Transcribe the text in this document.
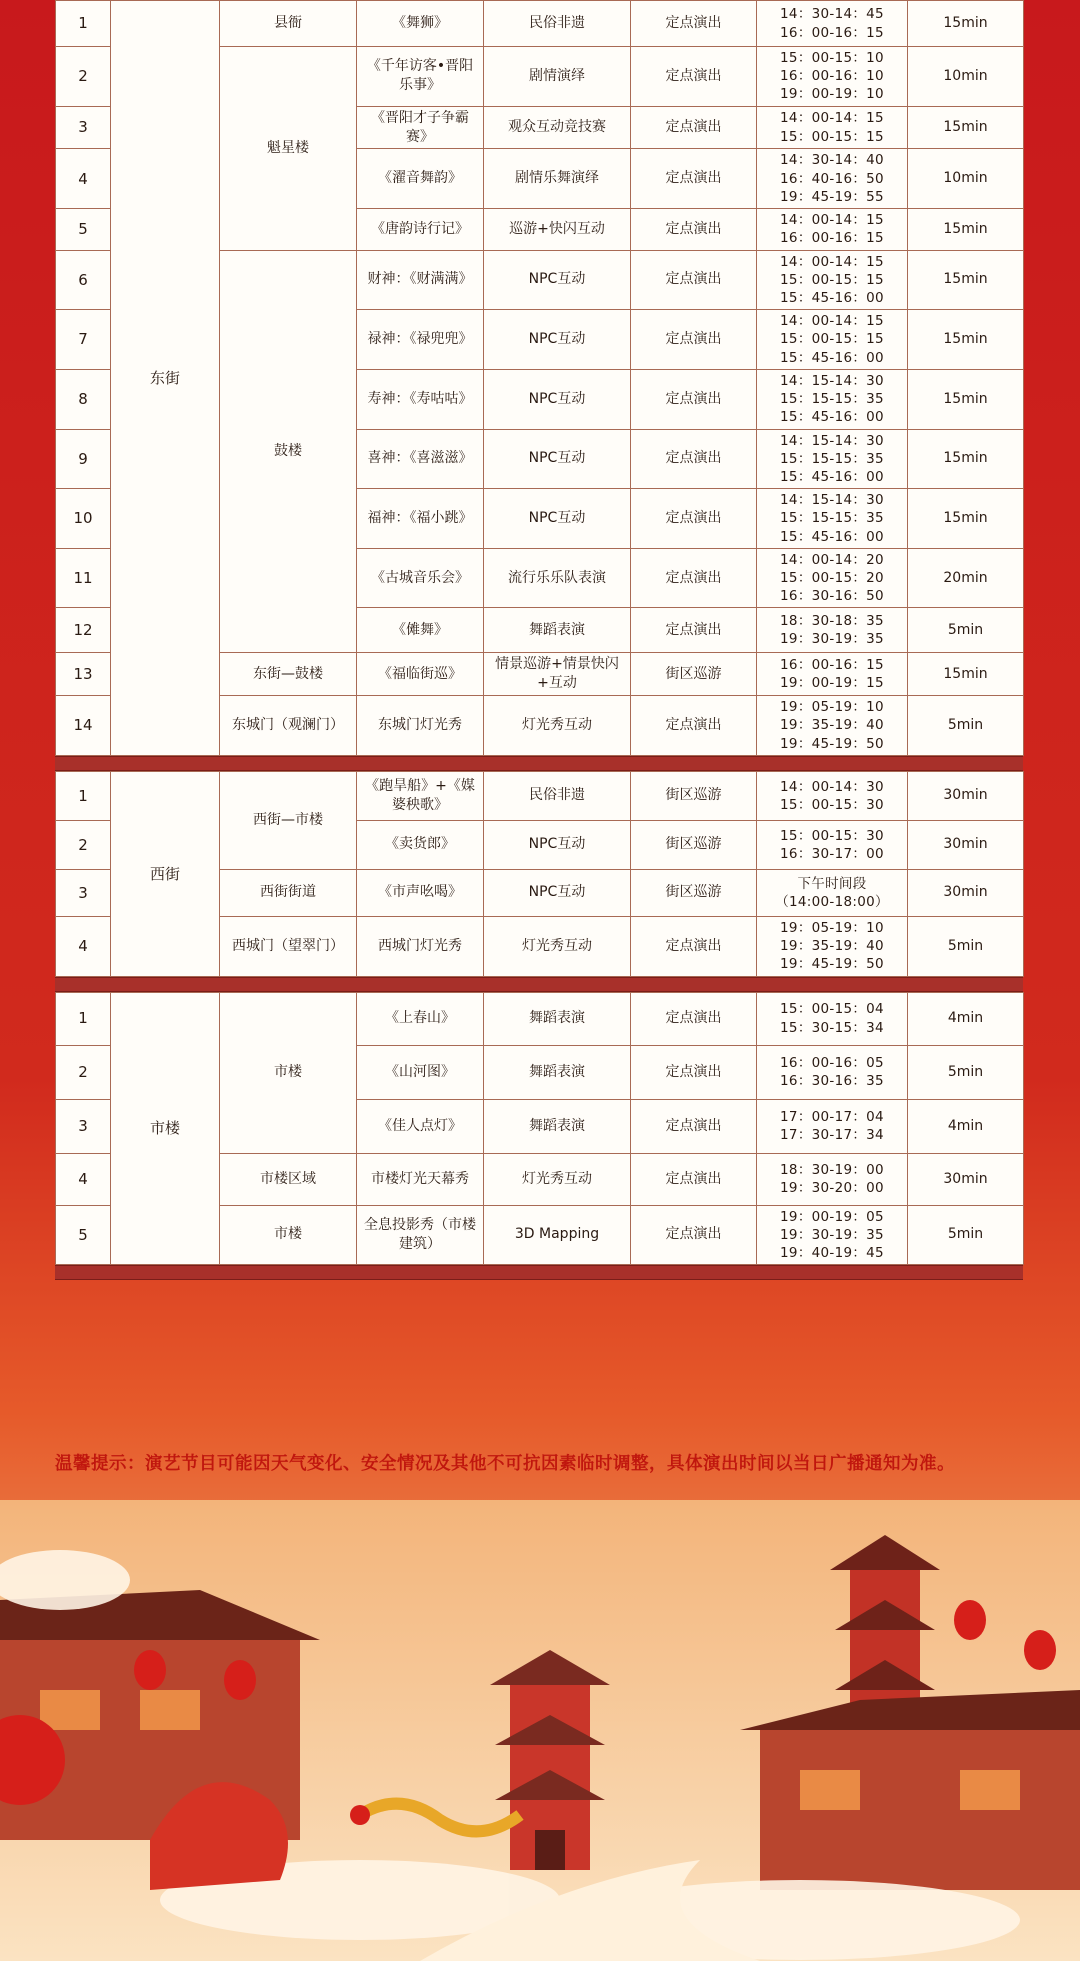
1	东街	县衙	《舞狮》	民俗非遗	定点演出	14：30-14：45
16：00-16：15	15min
2		魁星楼	《千年访客•晋阳乐事》	剧情演绎	定点演出	15：00-15：10
16：00-16：10
19：00-19：10	10min
3			《晋阳才子争霸赛》	观众互动竞技赛	定点演出	14：00-14：15
15：00-15：15	15min
4			《濯音舞韵》	剧情乐舞演绎	定点演出	14：30-14：40
16：40-16：50
19：45-19：55	10min
5			《唐韵诗行记》	巡游+快闪互动	定点演出	14：00-14：15
16：00-16：15	15min
6		鼓楼	财神：《财满满》	NPC互动	定点演出	14：00-14：15
15：00-15：15
15：45-16：00	15min
7			禄神：《禄兜兜》	NPC互动	定点演出	14：00-14：15
15：00-15：15
15：45-16：00	15min
8			寿神：《寿咕咕》	NPC互动	定点演出	14：15-14：30
15：15-15：35
15：45-16：00	15min
9			喜神：《喜滋滋》	NPC互动	定点演出	14：15-14：30
15：15-15：35
15：45-16：00	15min
10			福神：《福小跳》	NPC互动	定点演出	14：15-14：30
15：15-15：35
15：45-16：00	15min
11			《古城音乐会》	流行乐乐队表演	定点演出	14：00-14：20
15：00-15：20
16：30-16：50	20min
12			《傩舞》	舞蹈表演	定点演出	18：30-18：35
19：30-19：35	5min
13		东街—鼓楼	《福临街巡》	情景巡游+情景快闪+互动	街区巡游	16：00-16：15
19：00-19：15	15min
14		东城门（观澜门）	东城门灯光秀	灯光秀互动	定点演出	19：05-19：10
19：35-19：40
19：45-19：50	5min
1	西街	西街—市楼	《跑旱船》+《媒婆秧歌》	民俗非遗	街区巡游	14：00-14：30
15：00-15：30	30min
2			《卖货郎》	NPC互动	街区巡游	15：00-15：30
16：30-17：00	30min
3		西街街道	《市声吆喝》	NPC互动	街区巡游	下午时间段
（14:00-18:00）	30min
4		西城门（望翠门）	西城门灯光秀	灯光秀互动	定点演出	19：05-19：10
19：35-19：40
19：45-19：50	5min
1	市楼	市楼	《上春山》	舞蹈表演	定点演出	15：00-15：04
15：30-15：34	4min
2			《山河图》	舞蹈表演	定点演出	16：00-16：05
16：30-16：35	5min
3			《佳人点灯》	舞蹈表演	定点演出	17：00-17：04
17：30-17：34	4min
4		市楼区域	市楼灯光天幕秀	灯光秀互动	定点演出	18：30-19：00
19：30-20：00	30min
5		市楼	全息投影秀（市楼建筑）	3D Mapping	定点演出	19：00-19：05
19：30-19：35
19：40-19：45	5min
温馨提示：演艺节目可能因天气变化、安全情况及其他不可抗因素临时调整，具体演出时间以当日广播通知为准。
